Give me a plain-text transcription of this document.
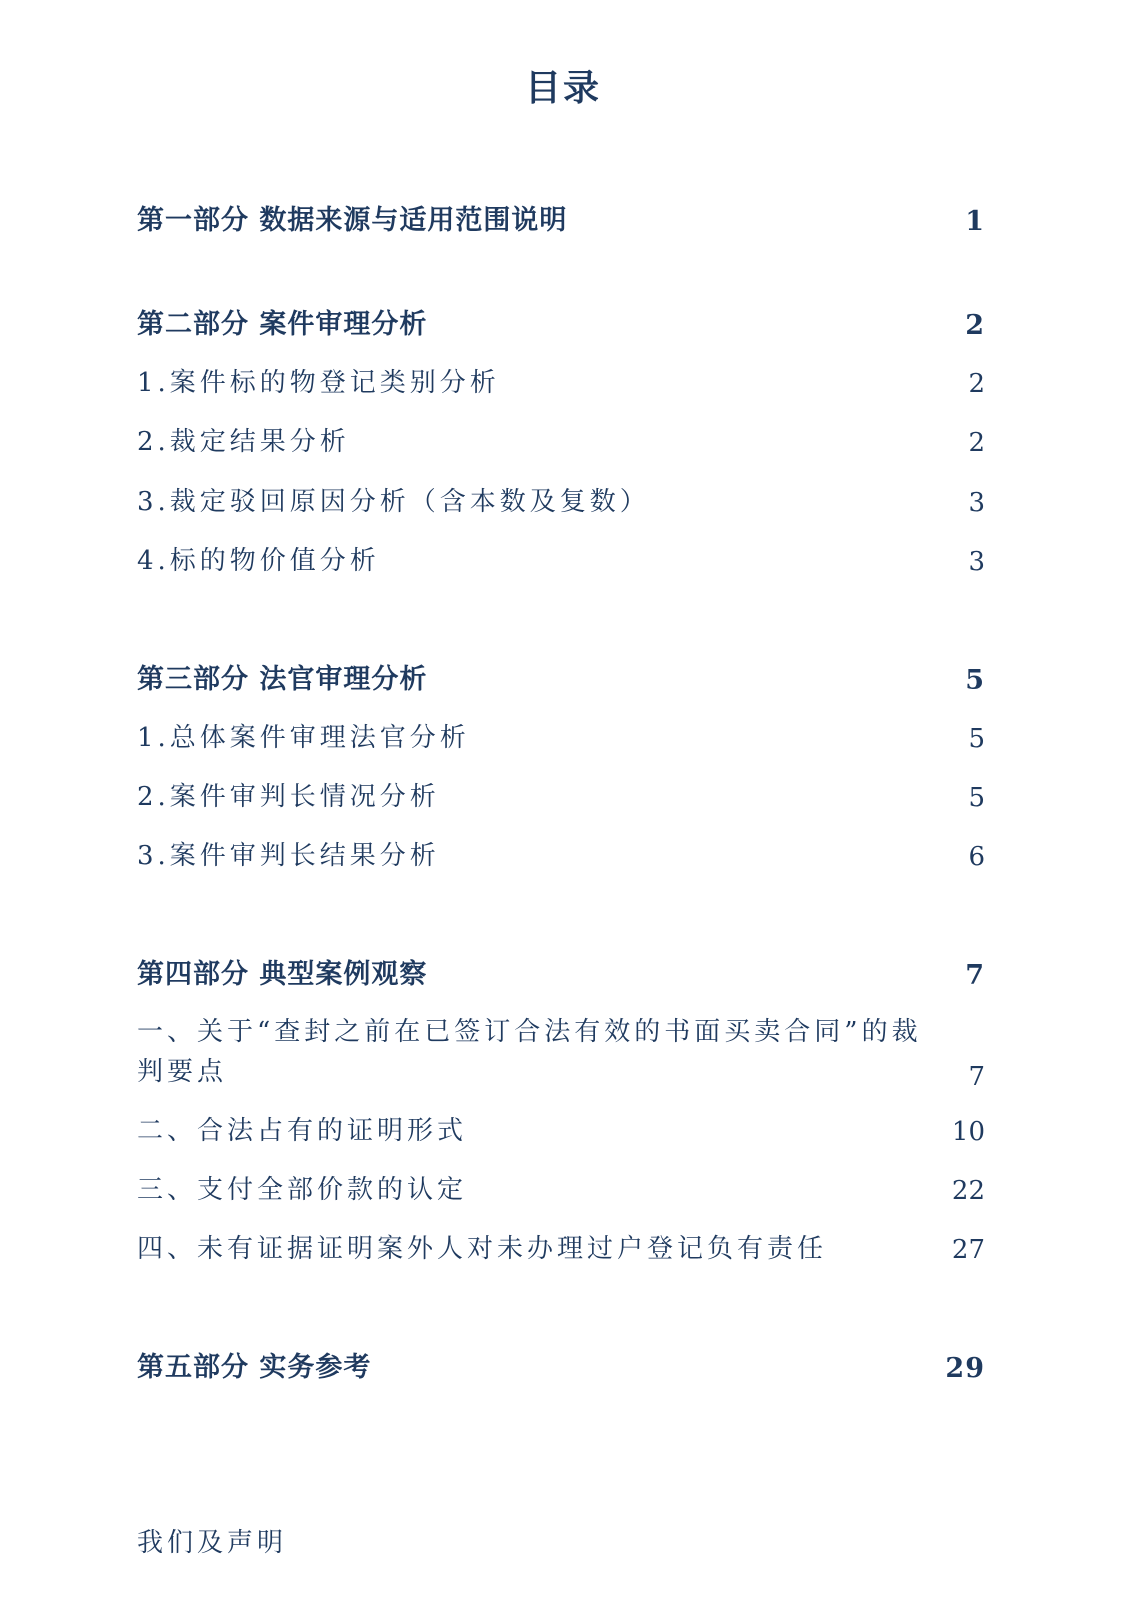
目录
第一部分 数据来源与适用范围说明	1
第二部分 案件审理分析	2
1.案件标的物登记类别分析	2
2.裁定结果分析	2
3.裁定驳回原因分析（含本数及复数）	3
4.标的物价值分析	3
第三部分 法官审理分析	5
1.总体案件审理法官分析	5
2.案件审判长情况分析	5
3.案件审判长结果分析	6
第四部分 典型案例观察	7
一、关于“查封之前在已签订合法有效的书面买卖合同”的裁判要点	7
二、合法占有的证明形式	10
三、支付全部价款的认定	22
四、未有证据证明案外人对未办理过户登记负有责任	27
第五部分 实务参考	29
我们及声明
